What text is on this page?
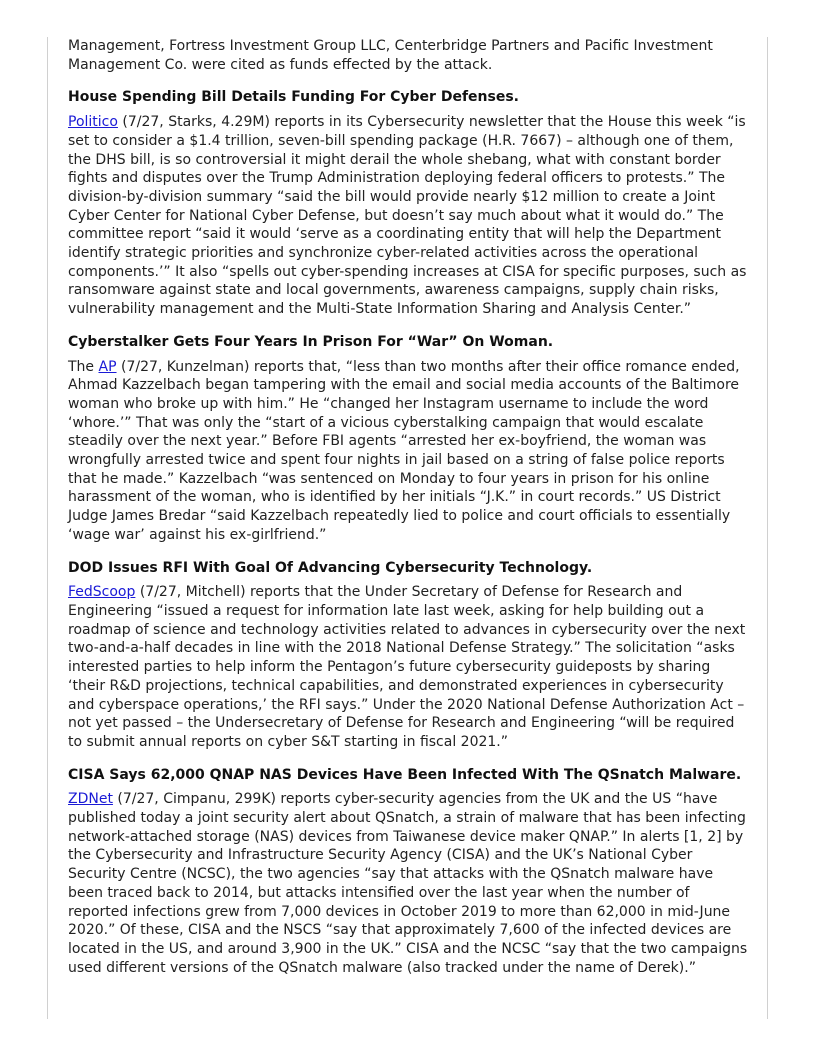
Management, Fortress Investment Group LLC, Centerbridge Partners and Pacific Investment Management Co. were cited as funds effected by the attack.

House Spending Bill Details Funding For Cyber Defenses.

Politico (7/27, Starks, 4.29M) reports in its Cybersecurity newsletter that the House this week “is set to consider a $1.4 trillion, seven-bill spending package (H.R. 7667) – although one of them, the DHS bill, is so controversial it might derail the whole shebang, what with constant border fights and disputes over the Trump Administration deploying federal officers to protests.” The division-by-division summary “said the bill would provide nearly $12 million to create a Joint Cyber Center for National Cyber Defense, but doesn’t say much about what it would do.” The committee report “said it would ‘serve as a coordinating entity that will help the Department identify strategic priorities and synchronize cyber-related activities across the operational components.’” It also “spells out cyber-spending increases at CISA for specific purposes, such as ransomware against state and local governments, awareness campaigns, supply chain risks, vulnerability management and the Multi-State Information Sharing and Analysis Center.”

Cyberstalker Gets Four Years In Prison For “War” On Woman.

The AP (7/27, Kunzelman) reports that, “less than two months after their office romance ended, Ahmad Kazzelbach began tampering with the email and social media accounts of the Baltimore woman who broke up with him.” He “changed her Instagram username to include the word ‘whore.’” That was only the “start of a vicious cyberstalking campaign that would escalate steadily over the next year.” Before FBI agents “arrested her ex-boyfriend, the woman was wrongfully arrested twice and spent four nights in jail based on a string of false police reports that he made.” Kazzelbach “was sentenced on Monday to four years in prison for his online harassment of the woman, who is identified by her initials “J.K.” in court records.” US District Judge James Bredar “said Kazzelbach repeatedly lied to police and court officials to essentially ‘wage war’ against his ex-girlfriend.”

DOD Issues RFI With Goal Of Advancing Cybersecurity Technology.

FedScoop (7/27, Mitchell) reports that the Under Secretary of Defense for Research and Engineering “issued a request for information late last week, asking for help building out a roadmap of science and technology activities related to advances in cybersecurity over the next two-and-a-half decades in line with the 2018 National Defense Strategy.” The solicitation “asks interested parties to help inform the Pentagon’s future cybersecurity guideposts by sharing ‘their R&D projections, technical capabilities, and demonstrated experiences in cybersecurity and cyberspace operations,’ the RFI says.” Under the 2020 National Defense Authorization Act – not yet passed – the Undersecretary of Defense for Research and Engineering “will be required to submit annual reports on cyber S&T starting in fiscal 2021.”

CISA Says 62,000 QNAP NAS Devices Have Been Infected With The QSnatch Malware.

ZDNet (7/27, Cimpanu, 299K) reports cyber-security agencies from the UK and the US “have published today a joint security alert about QSnatch, a strain of malware that has been infecting network-attached storage (NAS) devices from Taiwanese device maker QNAP.” In alerts [1, 2] by the Cybersecurity and Infrastructure Security Agency (CISA) and the UK’s National Cyber Security Centre (NCSC), the two agencies “say that attacks with the QSnatch malware have been traced back to 2014, but attacks intensified over the last year when the number of reported infections grew from 7,000 devices in October 2019 to more than 62,000 in mid-June 2020.” Of these, CISA and the NSCS “say that approximately 7,600 of the infected devices are located in the US, and around 3,900 in the UK.” CISA and the NCSC “say that the two campaigns used different versions of the QSnatch malware (also tracked under the name of Derek).”
